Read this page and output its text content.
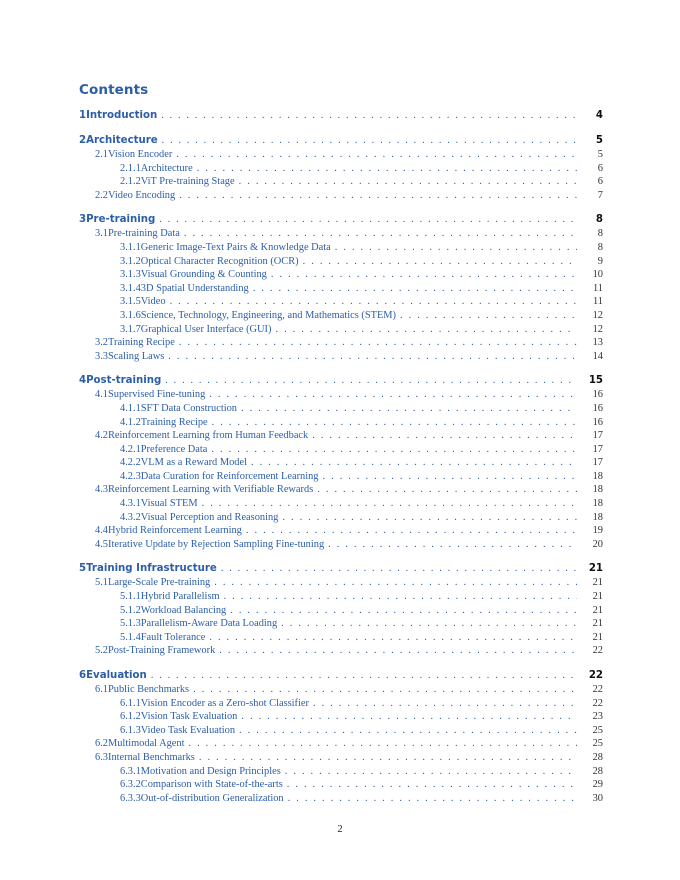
Contents
1 Introduction . . .	4
2 Architecture . . .	5
2.1 Vision Encoder . . .	5
2.1.1 Architecture . . .	6
2.1.2 ViT Pre-training Stage . . .	6
2.2 Video Encoding . . .	7
3 Pre-training . . .	8
3.1 Pre-training Data . . .	8
3.1.1 Generic Image-Text Pairs & Knowledge Data . . .	8
3.1.2 Optical Character Recognition (OCR) . . .	9
3.1.3 Visual Grounding & Counting . . .	10
3.1.4 3D Spatial Understanding . . .	11
3.1.5 Video . . .	11
3.1.6 Science, Technology, Engineering, and Mathematics (STEM) . . .	12
3.1.7 Graphical User Interface (GUI) . . .	12
3.2 Training Recipe . . .	13
3.3 Scaling Laws . . .	14
4 Post-training . . .	15
4.1 Supervised Fine-tuning . . .	16
4.1.1 SFT Data Construction . . .	16
4.1.2 Training Recipe . . .	16
4.2 Reinforcement Learning from Human Feedback . . .	17
4.2.1 Preference Data . . .	17
4.2.2 VLM as a Reward Model . . .	17
4.2.3 Data Curation for Reinforcement Learning . . .	18
4.3 Reinforcement Learning with Verifiable Rewards . . .	18
4.3.1 Visual STEM . . .	18
4.3.2 Visual Perception and Reasoning . . .	18
4.4 Hybrid Reinforcement Learning . . .	19
4.5 Iterative Update by Rejection Sampling Fine-tuning . . .	20
5 Training Infrastructure . . .	21
5.1 Large-Scale Pre-training . . .	21
5.1.1 Hybrid Parallelism . . .	21
5.1.2 Workload Balancing . . .	21
5.1.3 Parallelism-Aware Data Loading . . .	21
5.1.4 Fault Tolerance . . .	21
5.2 Post-Training Framework . . .	22
6 Evaluation . . .	22
6.1 Public Benchmarks . . .	22
6.1.1 Vision Encoder as a Zero-shot Classifier . . .	22
6.1.2 Vision Task Evaluation . . .	23
6.1.3 Video Task Evaluation . . .	25
6.2 Multimodal Agent . . .	25
6.3 Internal Benchmarks . . .	28
6.3.1 Motivation and Design Principles . . .	28
6.3.2 Comparison with State-of-the-arts . . .	29
6.3.3 Out-of-distribution Generalization . . .	30
2
